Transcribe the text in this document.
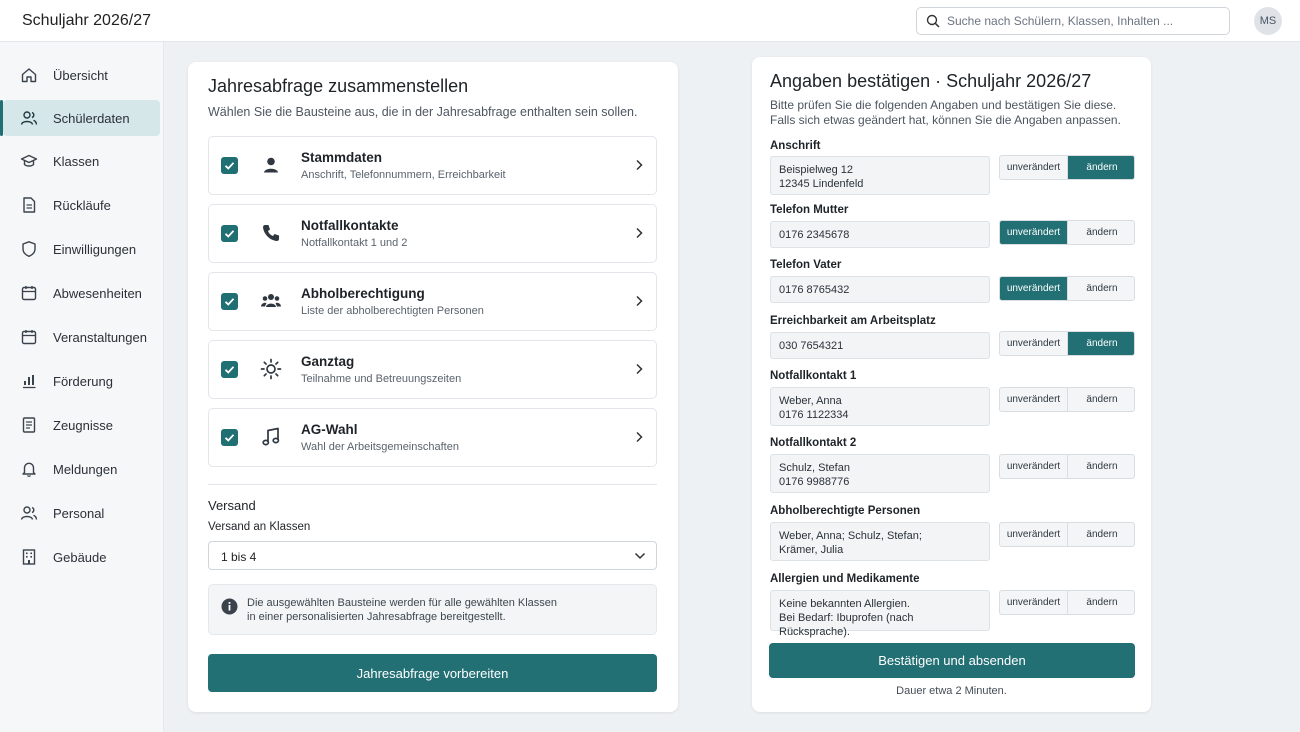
Schuljahr 2026/27
Suche nach Schülern, Klassen, Inhalten ...	MS
Übersicht
Schülerdaten
Klassen
Rückläufe
Einwilligungen
Abwesenheiten
Veranstaltungen
Förderung
Zeugnisse
Meldungen
Personal
Gebäude
Jahresabfrage zusammenstellen
Wählen Sie die Bausteine aus, die in der Jahresabfrage enthalten sein sollen.
Stammdaten
Anschrift, Telefonnummern, Erreichbarkeit
Notfallkontakte
Notfallkontakt 1 und 2
Abholberechtigung
Liste der abholberechtigten Personen
Ganztag
Teilnahme und Betreuungszeiten
AG-Wahl
Wahl der Arbeitsgemeinschaften
Versand
Versand an Klassen
1 bis 4
Die ausgewählten Bausteine werden für alle gewählten Klassen
in einer personalisierten Jahresabfrage bereitgestellt.
Jahresabfrage vorbereiten
Angaben bestätigen · Schuljahr 2026/27
Bitte prüfen Sie die folgenden Angaben und bestätigen Sie diese.
Falls sich etwas geändert hat, können Sie die Angaben anpassen.
Anschrift
Beispielweg 12
12345 Lindenfeld
unverändert	ändern
Telefon Mutter
0176 2345678	unverändert	ändern
Telefon Vater
0176 8765432	unverändert	ändern
Erreichbarkeit am Arbeitsplatz
030 7654321	unverändert	ändern
Notfallkontakt 1
Weber, Anna
0176 1122334
unverändert	ändern
Notfallkontakt 2
Schulz, Stefan
0176 9988776
unverändert	ändern
Abholberechtigte Personen
Weber, Anna; Schulz, Stefan;
Krämer, Julia
unverändert	ändern
Allergien und Medikamente
Keine bekannten Allergien.
Bei Bedarf: Ibuprofen (nach Rücksprache).
unverändert	ändern
Bestätigen und absenden
Dauer etwa 2 Minuten.
